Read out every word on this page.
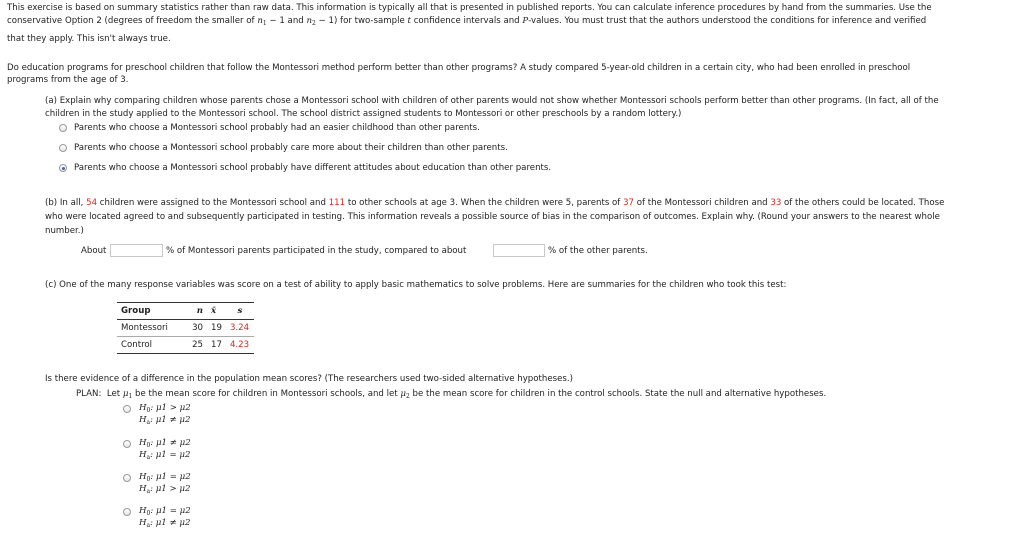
This exercise is based on summary statistics rather than raw data. This information is typically all that is presented in published reports. You can calculate inference procedures by hand from the summaries. Use the
conservative Option 2 (degrees of freedom the smaller of $n_1 - 1$ and $n_2 - 1$) for two-sample t confidence intervals and P-values. You must trust that the authors understood the conditions for inference and verified
that they apply. This isn't always true.
Do education programs for preschool children that follow the Montessori method perform better than other programs? A study compared 5-year-old children in a certain city, who had been enrolled in preschool
programs from the age of 3.
(a) Explain why comparing children whose parents chose a Montessori school with children of other parents would not show whether Montessori schools perform better than other programs. (In fact, all of the
children in the study applied to the Montessori school. The school district assigned students to Montessori or other preschools by a random lottery.)
Parents who choose a Montessori school probably had an easier childhood than other parents.
Parents who choose a Montessori school probably care more about their children than other parents.
Parents who choose a Montessori school probably have different attitudes about education than other parents.
(b) In all, 54 children were assigned to the Montessori school and 111 to other schools at age 3. When the children were 5, parents of 37 of the Montessori children and 33 of the others could be located. Those
who were located agreed to and subsequently participated in testing. This information reveals a possible source of bias in the comparison of outcomes. Explain why. (Round your answers to the nearest whole
number.)
About	% of Montessori parents participated in the study, compared to about	% of the other parents.
(c) One of the many response variables was score on a test of ability to apply basic mathematics to solve problems. Here are summaries for the children who took this test:
Group	n	x̄	s
Montessori	30	19	3.24
Control	25	17	4.23
Is there evidence of a difference in the population mean scores? (The researchers used two-sided alternative hypotheses.)
PLAN: Let $\mu_1$ be the mean score for children in Montessori schools, and let $\mu_2$ be the mean score for children in the control schools. State the null and alternative hypotheses.
$H_0$: μ1 > μ2
$H_a$: μ1 ≠ μ2
$H_0$: μ1 ≠ μ2
$H_a$: μ1 = μ2
$H_0$: μ1 = μ2
$H_a$: μ1 > μ2
$H_0$: μ1 = μ2
$H_a$: μ1 ≠ μ2
